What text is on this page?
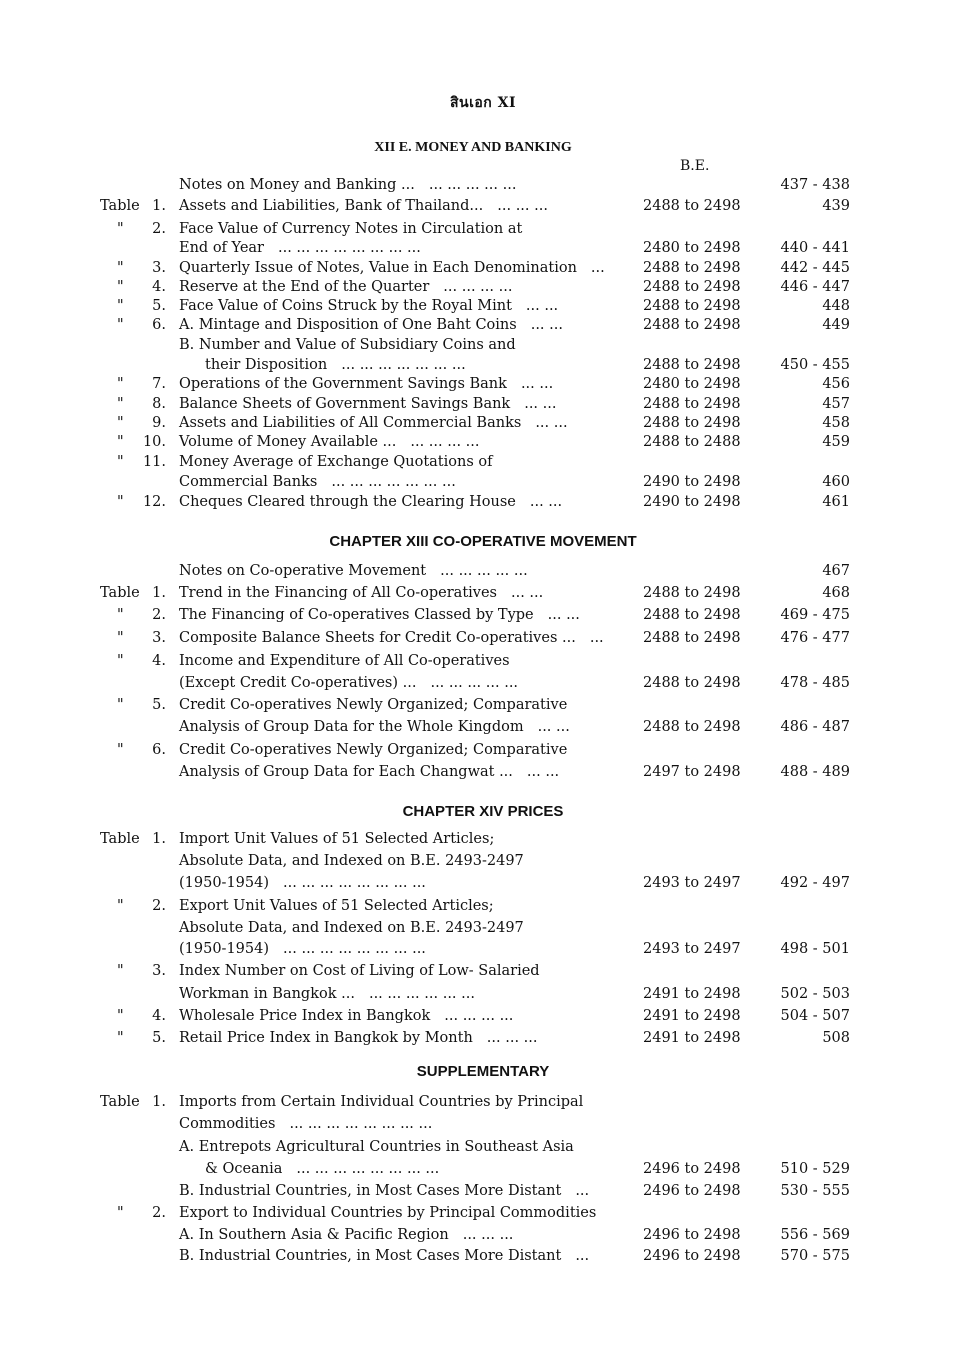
สินเอก XI
XII E. MONEY AND BANKING
B.E.
Notes on Money and Banking ... ... ... ... ... ...	437 - 438
Table 1. Assets and Liabilities, Bank of Thailand... ... ... ...	2488 to 2498	439
"	2. Face Value of Currency Notes in Circulation at
End of Year ... ... ... ... ... ... ... ...	2480 to 2498	440 - 441
"	3. Quarterly Issue of Notes, Value in Each Denomination ...	2488 to 2498	442 - 445
"	4. Reserve at the End of the Quarter ... ... ... ...	2488 to 2498	446 - 447
"	5. Face Value of Coins Struck by the Royal Mint ... ...	2488 to 2498	448
"	6. A. Mintage and Disposition of One Baht Coins ... ...	2488 to 2498	449
B. Number and Value of Subsidiary Coins and
their Disposition ... ... ... ... ... ... ...	2488 to 2498	450 - 455
"	7. Operations of the Government Savings Bank ... ...	2480 to 2498	456
"	8. Balance Sheets of Government Savings Bank ... ...	2488 to 2498	457
"	9. Assets and Liabilities of All Commercial Banks ... ...	2488 to 2498	458
"	10. Volume of Money Available ... ... ... ... ...	2488 to 2488	459
"	11. Money Average of Exchange Quotations of
Commercial Banks ... ... ... ... ... ... ...	2490 to 2498	460
"	12. Cheques Cleared through the Clearing House ... ...	2490 to 2498	461
CHAPTER XIII CO-OPERATIVE MOVEMENT
Notes on Co-operative Movement ... ... ... ... ...	467
Table 1. Trend in the Financing of All Co-operatives ... ...	2488 to 2498	468
"	2. The Financing of Co-operatives Classed by Type ... ...	2488 to 2498	469 - 475
"	3. Composite Balance Sheets for Credit Co-operatives ... ...	2488 to 2498	476 - 477
"	4. Income and Expenditure of All Co-operatives
(Except Credit Co-operatives) ... ... ... ... ... ...	2488 to 2498	478 - 485
"	5. Credit Co-operatives Newly Organized; Comparative
Analysis of Group Data for the Whole Kingdom ... ...	2488 to 2498	486 - 487
"	6. Credit Co-operatives Newly Organized; Comparative
Analysis of Group Data for Each Changwat ... ... ...	2497 to 2498	488 - 489
CHAPTER XIV PRICES
Table 1. Import Unit Values of 51 Selected Articles;
Absolute Data, and Indexed on B.E. 2493-2497
(1950-1954) ... ... ... ... ... ... ... ...	2493 to 2497	492 - 497
"	2. Export Unit Values of 51 Selected Articles;
Absolute Data, and Indexed on B.E. 2493-2497
(1950-1954) ... ... ... ... ... ... ... ...	2493 to 2497	498 - 501
"	3. Index Number on Cost of Living of Low- Salaried
Workman in Bangkok ... ... ... ... ... ... ...	2491 to 2498	502 - 503
"	4. Wholesale Price Index in Bangkok ... ... ... ...	2491 to 2498	504 - 507
"	5. Retail Price Index in Bangkok by Month ... ... ...	2491 to 2498	508
SUPPLEMENTARY
Table 1. Imports from Certain Individual Countries by Principal
Commodities ... ... ... ... ... ... ... ...
A. Entrepots Agricultural Countries in Southeast Asia
& Oceania ... ... ... ... ... ... ... ...	2496 to 2498	510 - 529
B. Industrial Countries, in Most Cases More Distant ...	2496 to 2498	530 - 555
"	2. Export to Individual Countries by Principal Commodities
A. In Southern Asia & Pacific Region ... ... ...	2496 to 2498	556 - 569
B. Industrial Countries, in Most Cases More Distant ...	2496 to 2498	570 - 575
